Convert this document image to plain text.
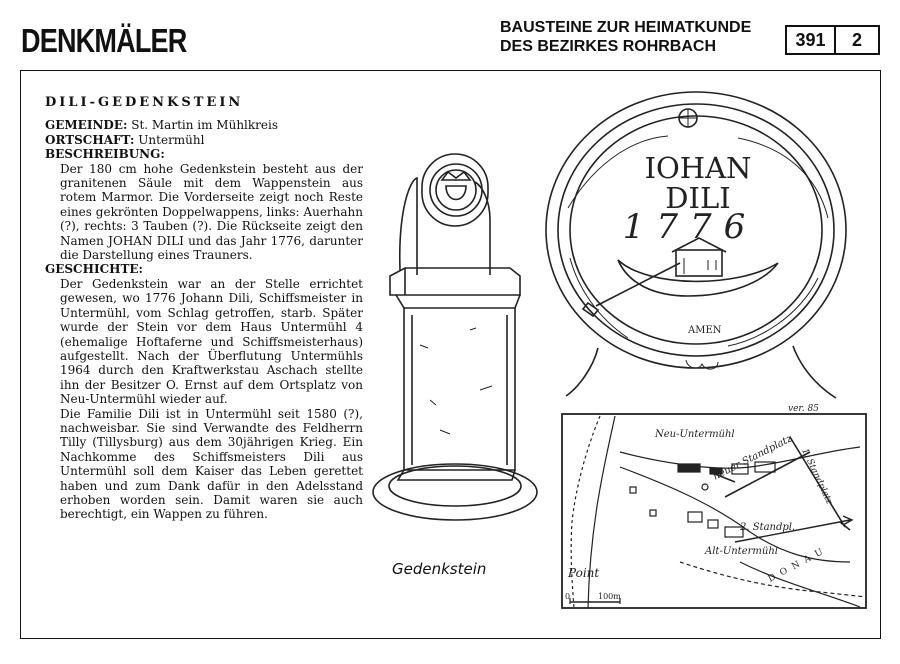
DENKMÄLER	BAUSTEINE ZUR HEIMATKUNDE
DES BEZIRKES ROHRBACH	391	2
DILI-GEDENKSTEIN
GEMEINDE: St. Martin im Mühlkreis
ORTSCHAFT: Untermühl
BESCHREIBUNG:

Der 180 cm hohe Gedenkstein besteht aus der granitenen Säule mit dem Wappenstein aus rotem Marmor. Die Vorderseite zeigt noch Reste eines gekrönten Doppelwappens, links: Auerhahn (?), rechts: 3 Tauben (?). Die Rückseite zeigt den Namen JOHAN DILI und das Jahr 1776, darunter die Darstellung eines Trauners.

GESCHICHTE:

Der Gedenkstein war an der Stelle errichtet gewesen, wo 1776 Johann Dili, Schiffsmeister in Untermühl, vom Schlag getroffen, starb. Später wurde der Stein vor dem Haus Untermühl 4 (ehemalige Hoftaferne und Schiffsmeisterhaus) aufgestellt. Nach der Überflutung Untermühls 1964 durch den Kraftwerkstau Aschach stellte ihn der Besitzer O. Ernst auf dem Ortsplatz von Neu-Untermühl wieder auf.

Die Familie Dili ist in Untermühl seit 1580 (?), nachweisbar. Sie sind Verwandte des Feldherrn Tilly (Tillysburg) aus dem 30jährigen Krieg. Ein Nachkomme des Schiffsmeisters Dili aus Untermühl soll dem Kaiser das Leben gerettet haben und zum Dank dafür in den Adelsstand erhoben worden sein. Damit waren sie auch berechtigt, ein Wappen zu führen.

IOHAN
DILI
1776
AMEN
ver. 85
Gedenkstein
Neu-Untermühl
neuer Standplatz 1. Standplatz
2. Standpl.
Alt-Untermühl
Point	DONAU
0	100m
